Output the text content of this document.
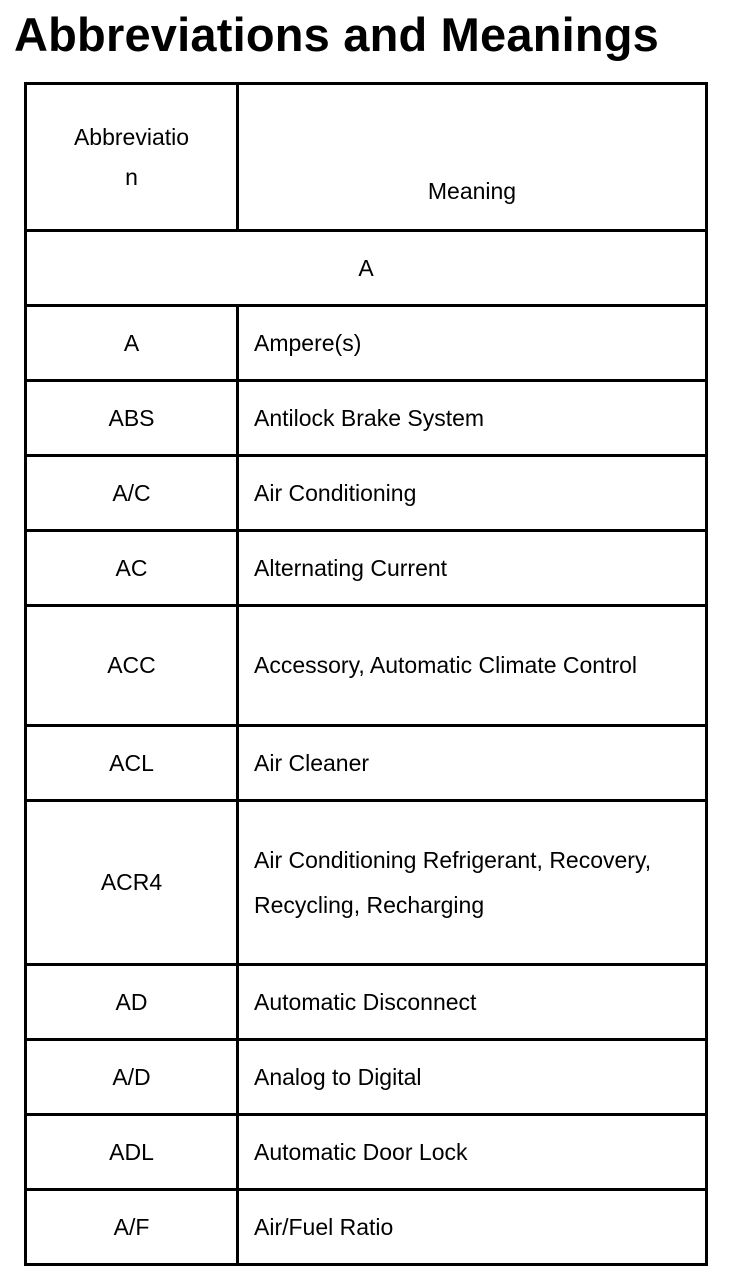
Abbreviations and Meanings
Abbreviation	Meaning

A	
A	Ampere(s)
ABS	Antilock Brake System
A/C	Air Conditioning
AC	Alternating Current
ACC	Accessory, Automatic Climate Control
ACL	Air Cleaner
ACR4	Air Conditioning Refrigerant, Recovery, Recycling, Recharging
AD	Automatic Disconnect
A/D	Analog to Digital
ADL	Automatic Door Lock
A/F	Air/Fuel Ratio
